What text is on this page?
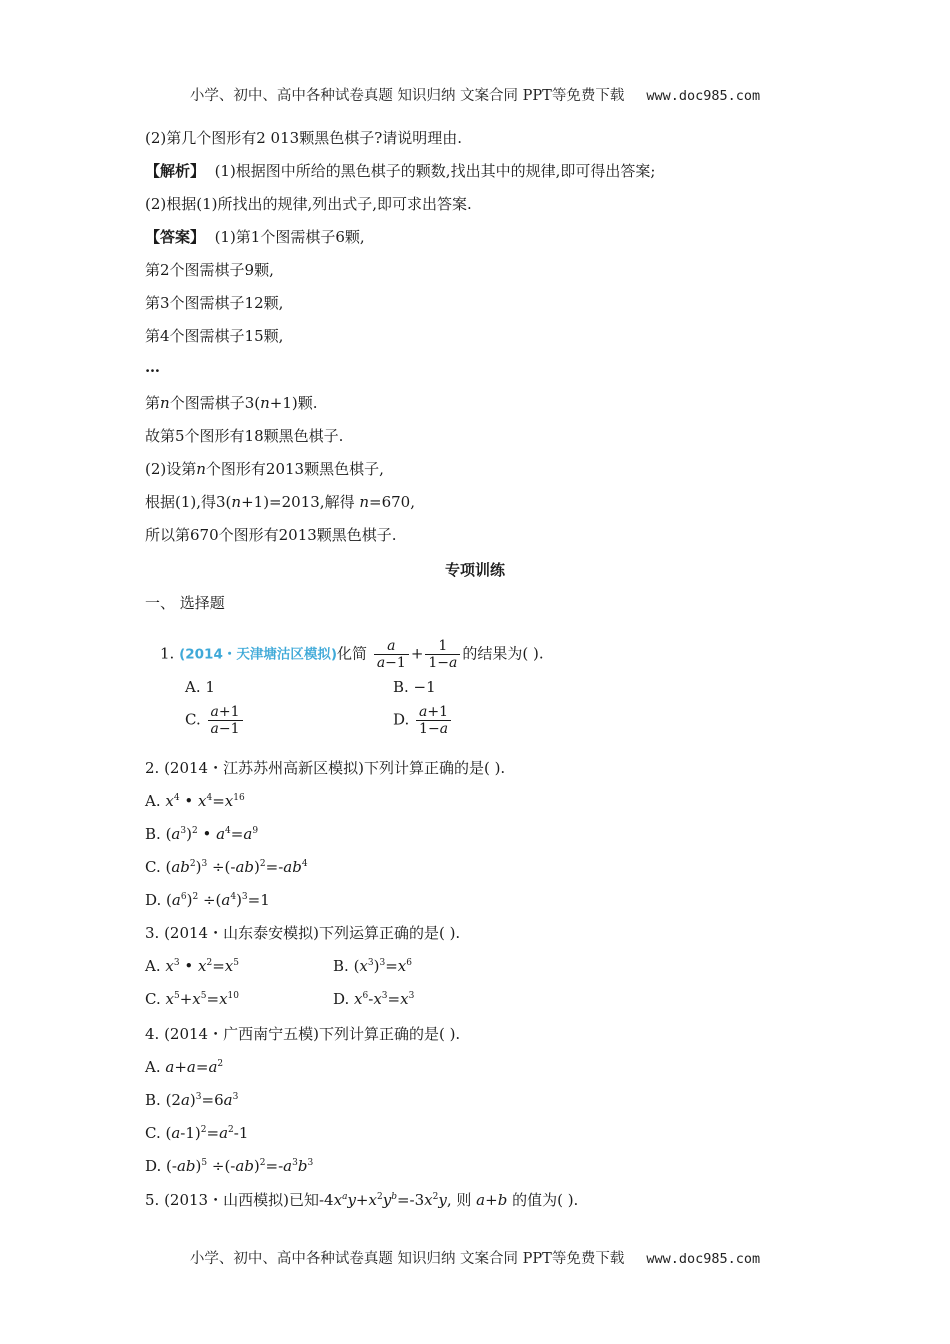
小学、初中、高中各种试卷真题 知识归纳 文案合同 PPT等免费下载 www.doc985.com
(2)第几个图形有2 013颗黑色棋子?请说明理由.
【解析】 (1)根据图中所给的黑色棋子的颗数,找出其中的规律,即可得出答案;
(2)根据(1)所找出的规律,列出式子,即可求出答案.
【答案】 (1)第1个图需棋子6颗,
第2个图需棋子9颗,
第3个图需棋子12颗,
第4个图需棋子15颗,
…
第n个图需棋子3(n+1)颗.
故第5个图形有18颗黑色棋子.
(2)设第n个图形有2013颗黑色棋子,
根据(1),得3(n+1)=2013,解得 n=670,
所以第670个图形有2013颗黑色棋子.
专项训练
一、 选择题
1. (2014・天津塘沽区模拟)化简 $\frac{a}{a-1} + \frac{1}{1-a}$ 的结果为( ).
A. 1	B. −1
C. $\frac{a+1}{a-1}$	D. $\frac{a+1}{1-a}$
2. (2014・江苏苏州高新区模拟)下列计算正确的是( ).
A. $x^4$ • $x^4=x^{16}$
B. $(a^3)^2$ • $a^4=a^9$
C. $(ab^2)^3 \div(-ab)^2=-ab^4$
D. $(a^6)^2 \div(a^4)^3=1$
3. (2014・山东泰安模拟)下列运算正确的是( ).
A. $x^3$ • $x^2=x^5$	B. $(x^3)^3=x^6$
C. $x^5+x^5=x^{10}$	D. $x^6-x^3=x^3$
4. (2014・广西南宁五模)下列计算正确的是( ).
A. $a+a=a^2$
B. $(2a)^3=6a^3$
C. $(a-1)^2=a^2-1$
D. $(-ab)^5 \div(-ab)^2=-a^3b^3$
5. (2013・山西模拟)已知$-4x^ay+x^2y^b=-3x^2y$, 则 a+b 的值为( ).
小学、初中、高中各种试卷真题 知识归纳 文案合同 PPT等免费下载 www.doc985.com
